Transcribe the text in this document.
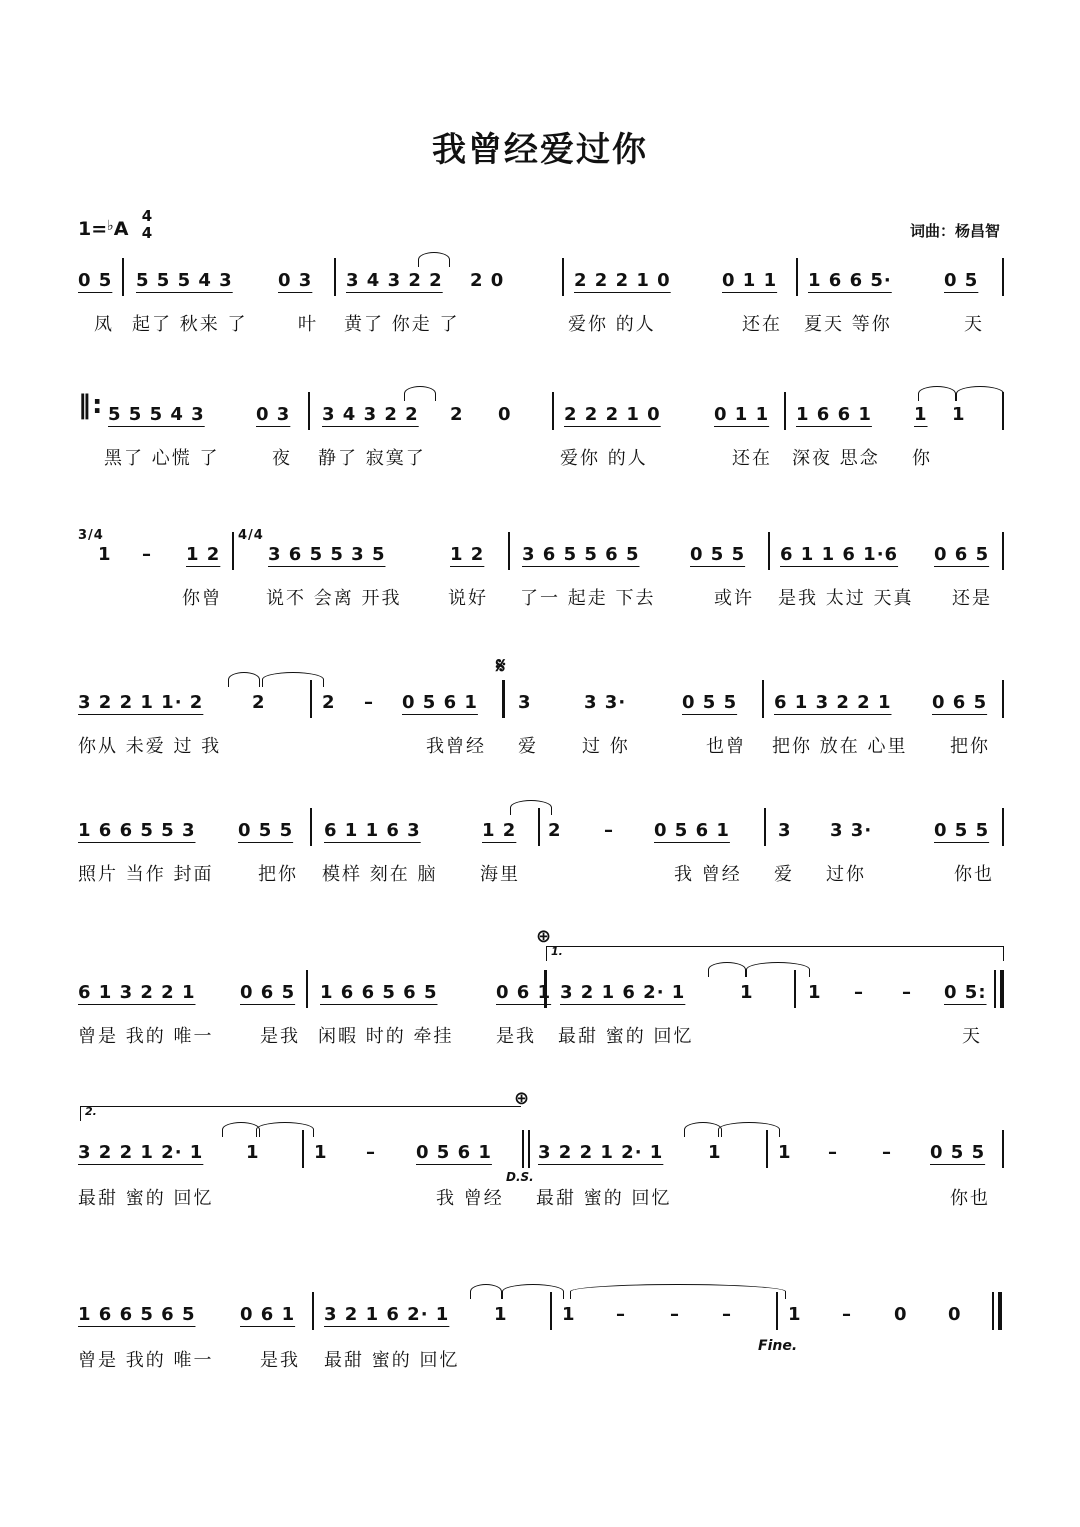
我曾经爱过你
1=♭A
4
4	词曲：杨昌智
0 5 5 5 5 4 3	0 3 3 4 3 2 2 2 0	2 2 2 1 0	0 1 1 1 6 6 5·	0 5
凤 起了 秋来 了	叶 黄了 你走 了	爱你 的人	还在 夏天 等你	天
‖: 5 5 5 4 3	0 3 3 4 3 2 2 2 0	2 2 2 1 0	0 1 1 1 6 6 1 1 1
黑了 心慌 了	夜 静了 寂寞了	爱你 的人	还在 深夜 思念 你
3/4
1 – 1 2
4/4
3 6 5 5 3 5	1 2 3 6 5 5 6 5	0 5 5 6 1 1 6 1·6 0 6 5
你曾 说不 会离 开我	说好 了一 起走 下去	或许 是我 太过 天真 还是
𝄋
3 2 2 1 1· 2	2	2 – 0 5 6 1 3	3 3·	0 5 5 6 1 3 2 2 1 0 6 5
你从 未爱 过 我	我曾经 爱 过 你	也曾 把你 放在 心里 把你
1 6 6 5 5 3 0 5 5 6 1 1 6 3	1 2 2 – 0 5 6 1	3 3 3·	0 5 5
照片 当作 封面 把你 模样 刻在 脑 海里	我 曾经 爱 过你	你也
⊕
1.
6 1 3 2 2 1 0 6 5 1 6 6 5 6 5	0 6 1 3 2 1 6 2· 1	1	1 – – 0 5:
曾是 我的 唯一	是我 闲暇 时的 牵挂 是我 最甜 蜜的 回忆	天
2.
⊕
3 2 2 1 2· 1 1	1 – 0 5 6 1	3 2 2 1 2· 1 1	1 – – 0 5 5
D.S.
最甜 蜜的 回忆	我 曾经 最甜 蜜的 回忆	你也
1 6 6 5 6 5 0 6 1 3 2 1 6 2· 1 1	1 – – –	1 – 0 0
Fine.
曾是 我的 唯一	是我 最甜 蜜的 回忆
